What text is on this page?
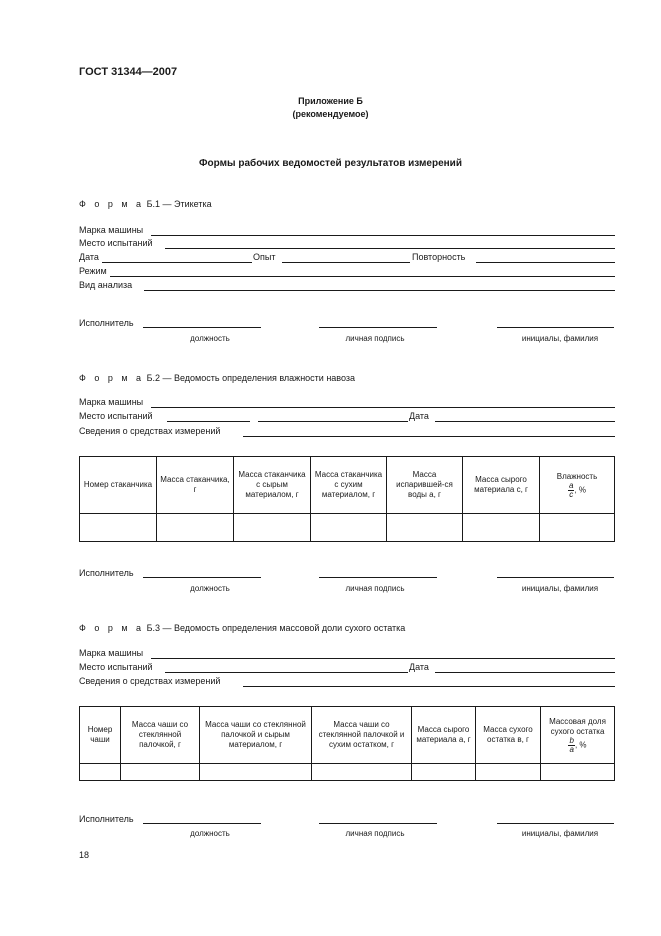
ГОСТ 31344—2007
Приложение Б
(рекомендуемое)
Формы рабочих ведомостей результатов измерений
Ф о р м а Б.1 — Этикетка
Марка машины
Место испытаний
Дата	Опыт	Повторность
Режим
Вид анализа
Исполнитель
должность	личная подпись	инициалы, фамилия
Ф о р м а Б.2 — Ведомость определения влажности навоза
Марка машины
Место испытаний	Дата
Сведения о средствах измерений
Номер стаканчика	Масса стаканчика, г	Масса стаканчика с сырым материалом, г	Масса стаканчика с сухим материалом, г	Масса испарившей-ся воды a, г	Масса сырого материала с, г	Влажность
$\frac{a}{c}$ , %

Исполнитель
должность	личная подпись	инициалы, фамилия
Ф о р м а Б.3 — Ведомость определения массовой доли сухого остатка
Марка машины
Место испытаний	Дата
Сведения о средствах измерений
Номер чаши	Масса чаши со стеклянной палочкой, г	Масса чаши со стеклянной палочкой и сырым материалом, г	Масса чаши со стеклянной палочкой и сухим остатком, г	Масса сырого материала а, г	Масса сухого остатка в, г	Массовая доля сухого остатка
$\frac{b}{a}$ , %

Исполнитель
должность	личная подпись	инициалы, фамилия
18
